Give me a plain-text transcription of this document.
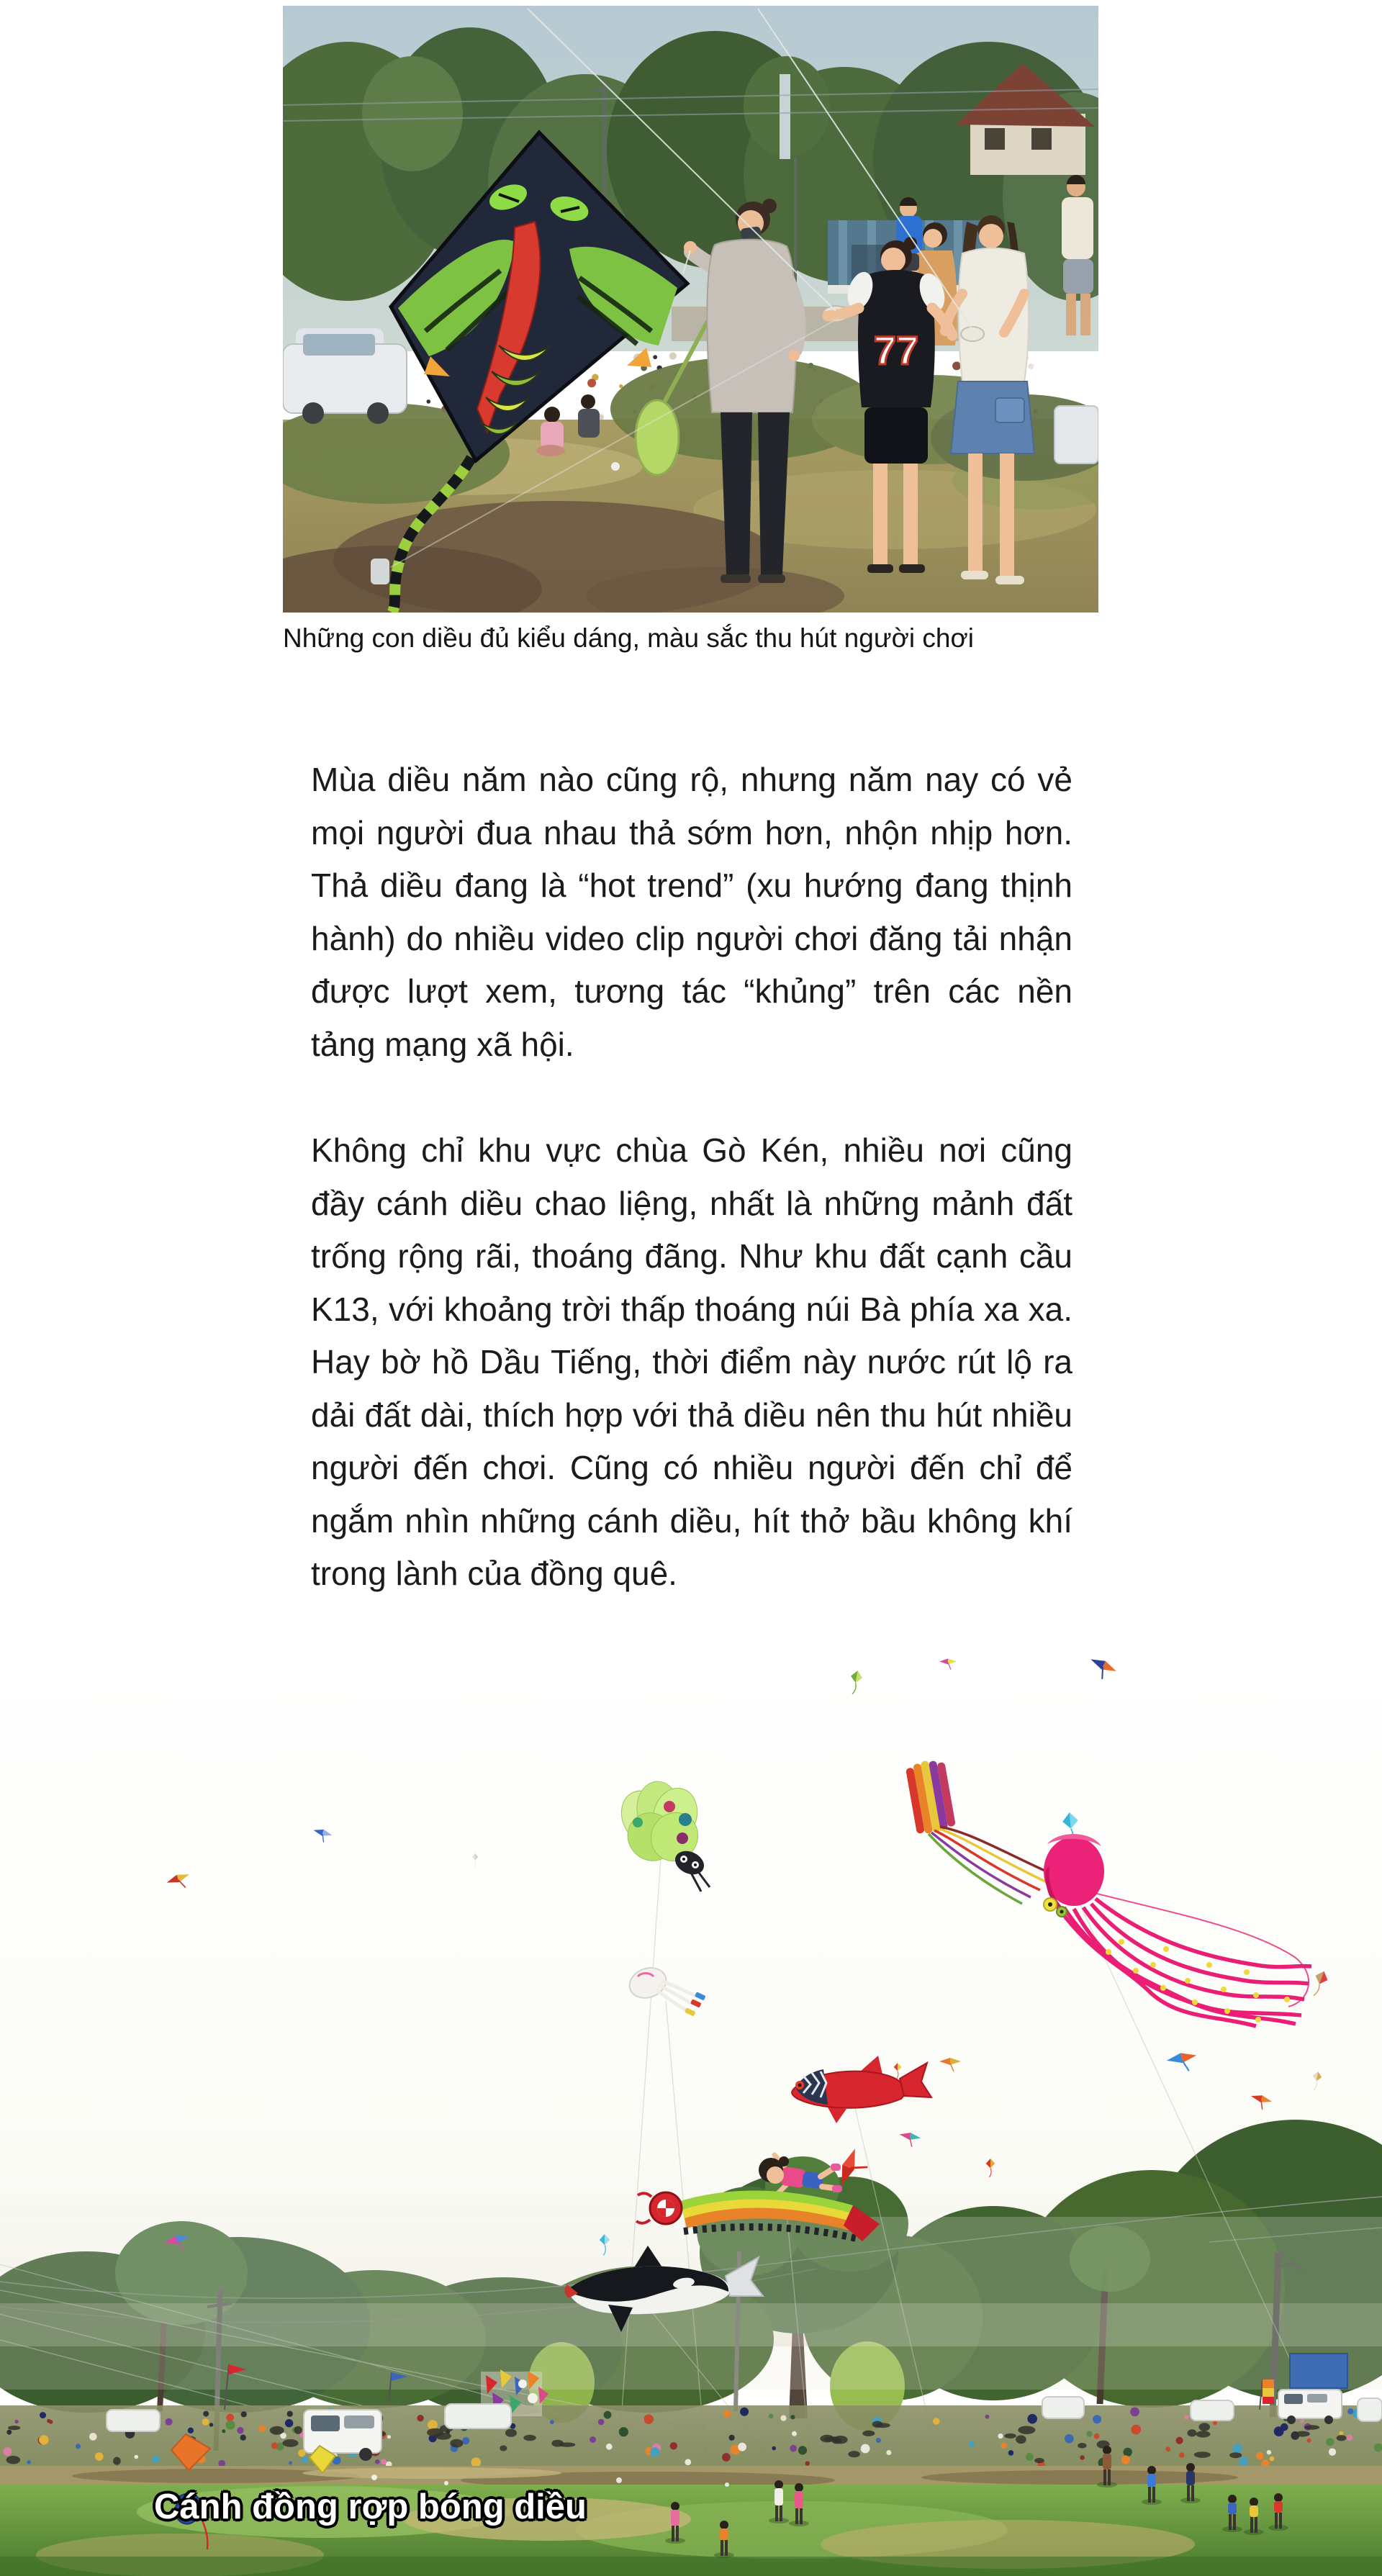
77
Những con diều đủ kiểu dáng, màu sắc thu hút người chơi

Mùa diều năm nào cũng rộ, nhưng năm nay có vẻ mọi người đua nhau thả sớm hơn, nhộn nhịp hơn. Thả diều đang là “hot trend” (xu hướng đang thịnh hành) do nhiều video clip người chơi đăng tải nhận được lượt xem, tương tác “khủng” trên các nền tảng mạng xã hội.

Không chỉ khu vực chùa Gò Kén, nhiều nơi cũng đầy cánh diều chao liệng, nhất là những mảnh đất trống rộng rãi, thoáng đãng. Như khu đất cạnh cầu K13, với khoảng trời thấp thoáng núi Bà phía xa xa. Hay bờ hồ Dầu Tiếng, thời điểm này nước rút lộ ra dải đất dài, thích hợp với thả diều nên thu hút nhiều người đến chơi. Cũng có nhiều người đến chỉ để ngắm nhìn những cánh diều, hít thở bầu không khí trong lành của đồng quê.

Cánh đồng rợp bóng diều
